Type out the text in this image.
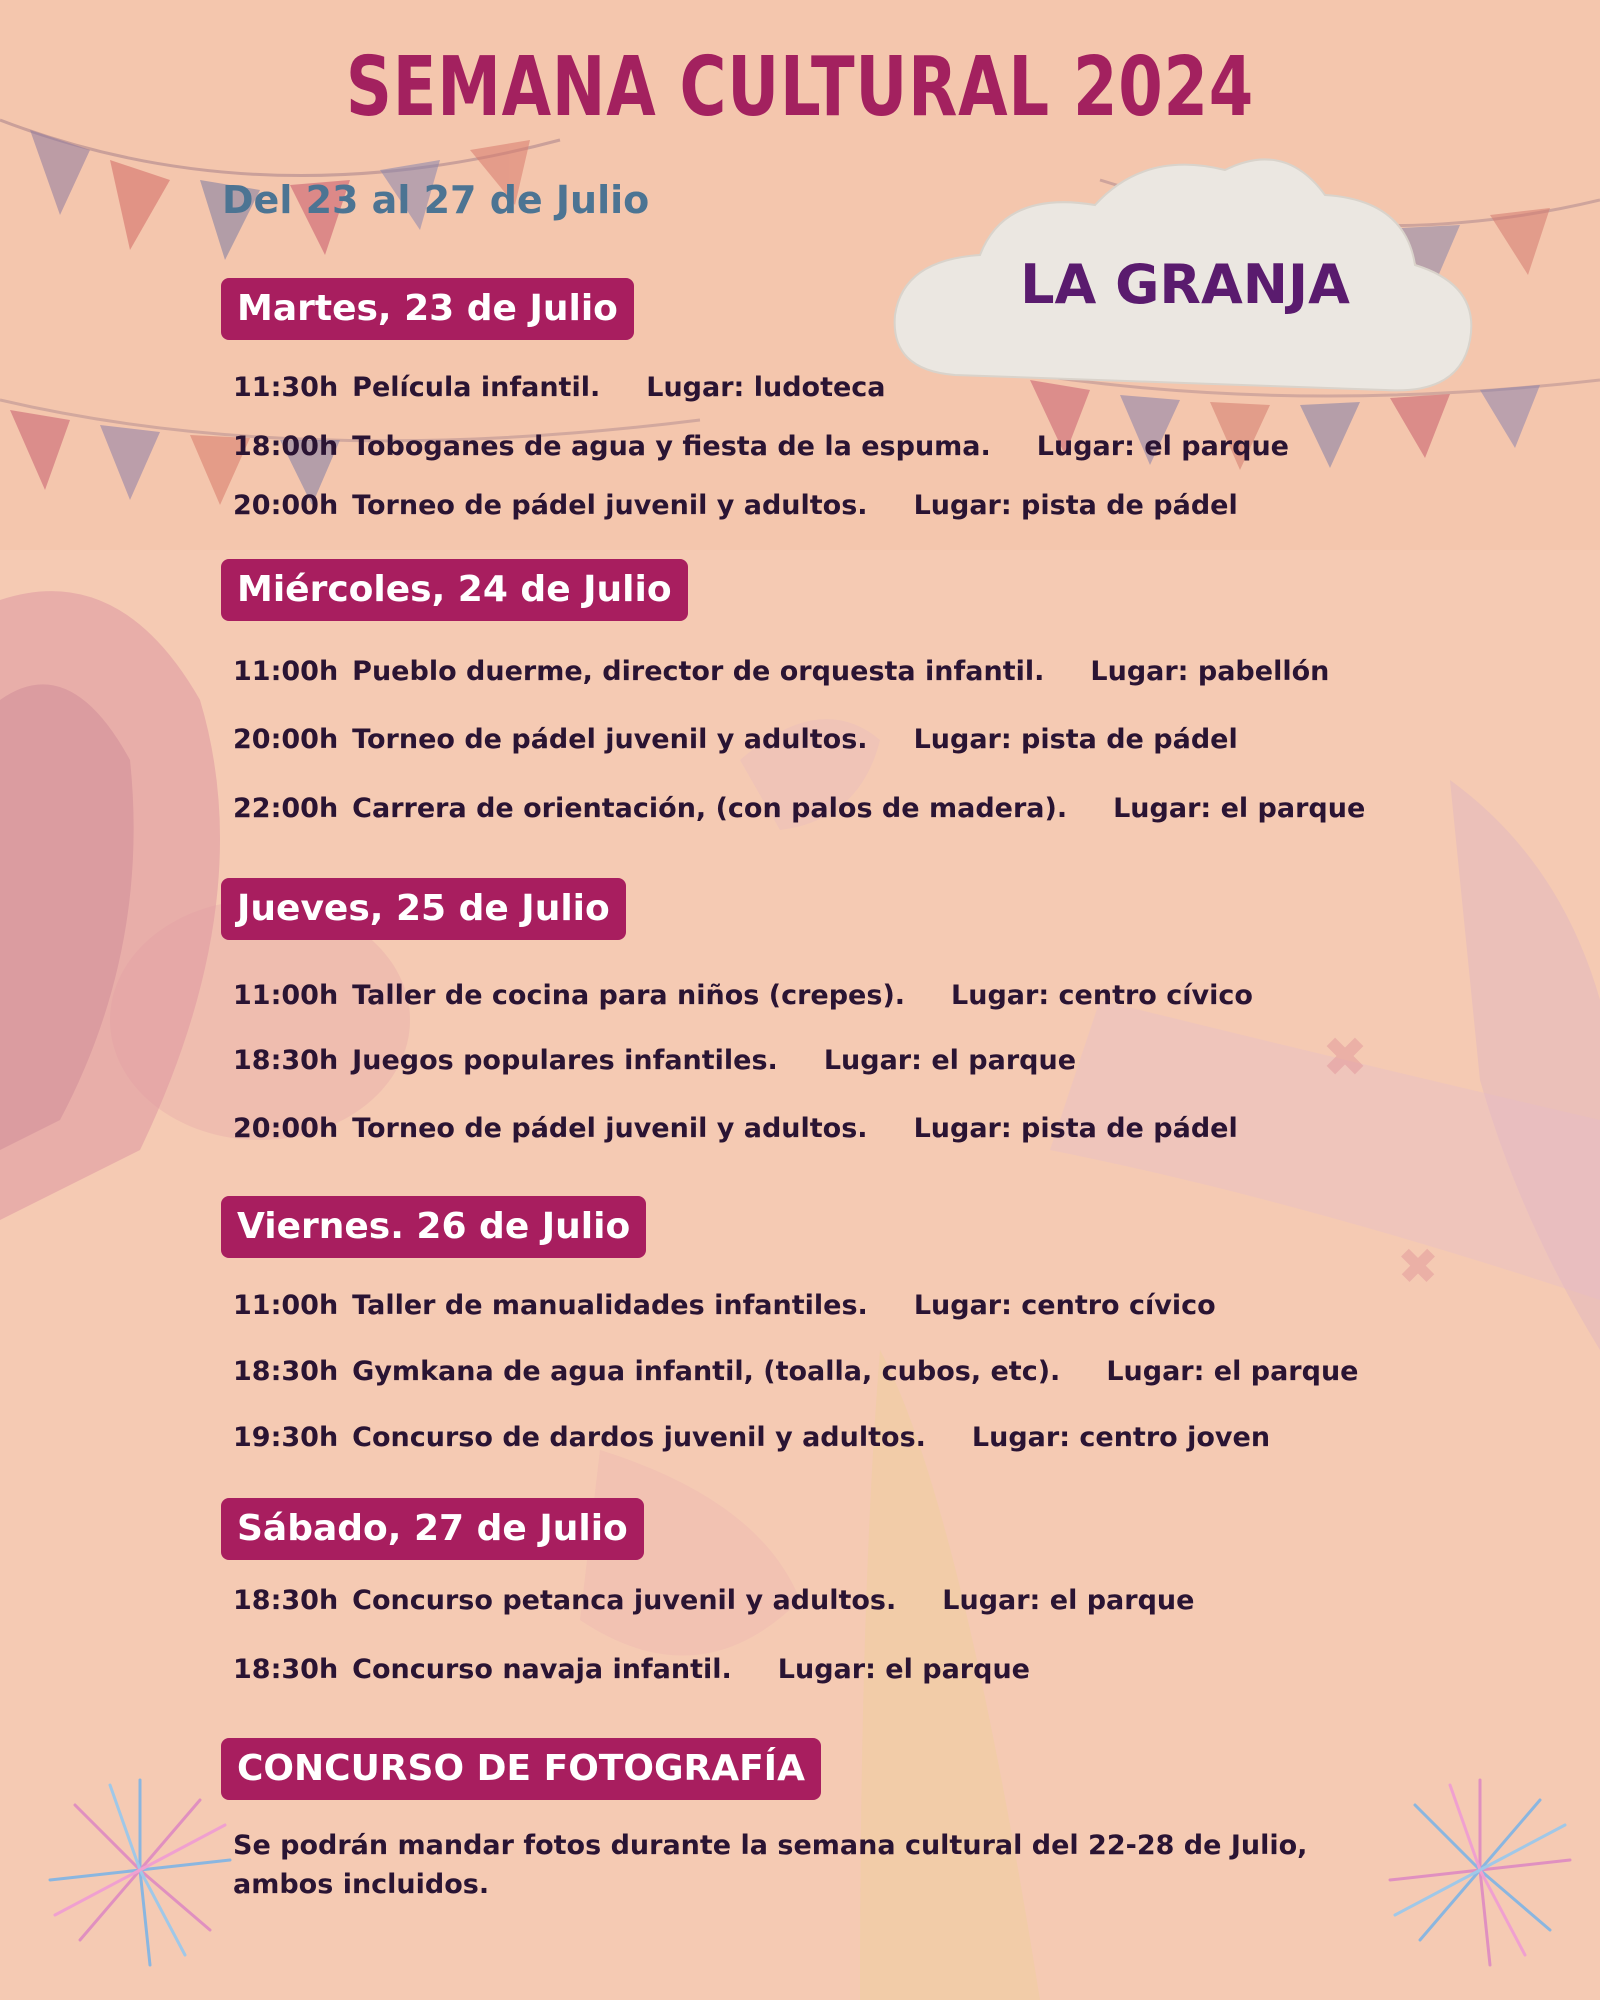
SEMANA CULTURAL 2024
Del 23 al 27 de Julio
LA GRANJA
Martes, 23 de Julio
11:30h Película infantil. Lugar: ludoteca
18:00h Toboganes de agua y fiesta de la espuma. Lugar: el parque
20:00h Torneo de pádel juvenil y adultos. Lugar: pista de pádel
Miércoles, 24 de Julio
11:00h Pueblo duerme, director de orquesta infantil. Lugar: pabellón
20:00h Torneo de pádel juvenil y adultos. Lugar: pista de pádel
22:00h Carrera de orientación, (con palos de madera). Lugar: el parque
Jueves, 25 de Julio
11:00h Taller de cocina para niños (crepes). Lugar: centro cívico
18:30h Juegos populares infantiles. Lugar: el parque
20:00h Torneo de pádel juvenil y adultos. Lugar: pista de pádel
Viernes. 26 de Julio
11:00h Taller de manualidades infantiles. Lugar: centro cívico
18:30h Gymkana de agua infantil, (toalla, cubos, etc). Lugar: el parque
19:30h Concurso de dardos juvenil y adultos. Lugar: centro joven
Sábado, 27 de Julio
18:30h Concurso petanca juvenil y adultos. Lugar: el parque
18:30h Concurso navaja infantil. Lugar: el parque
CONCURSO DE FOTOGRAFÍA
Se podrán mandar fotos durante la semana cultural del 22-28 de Julio, ambos incluidos.
